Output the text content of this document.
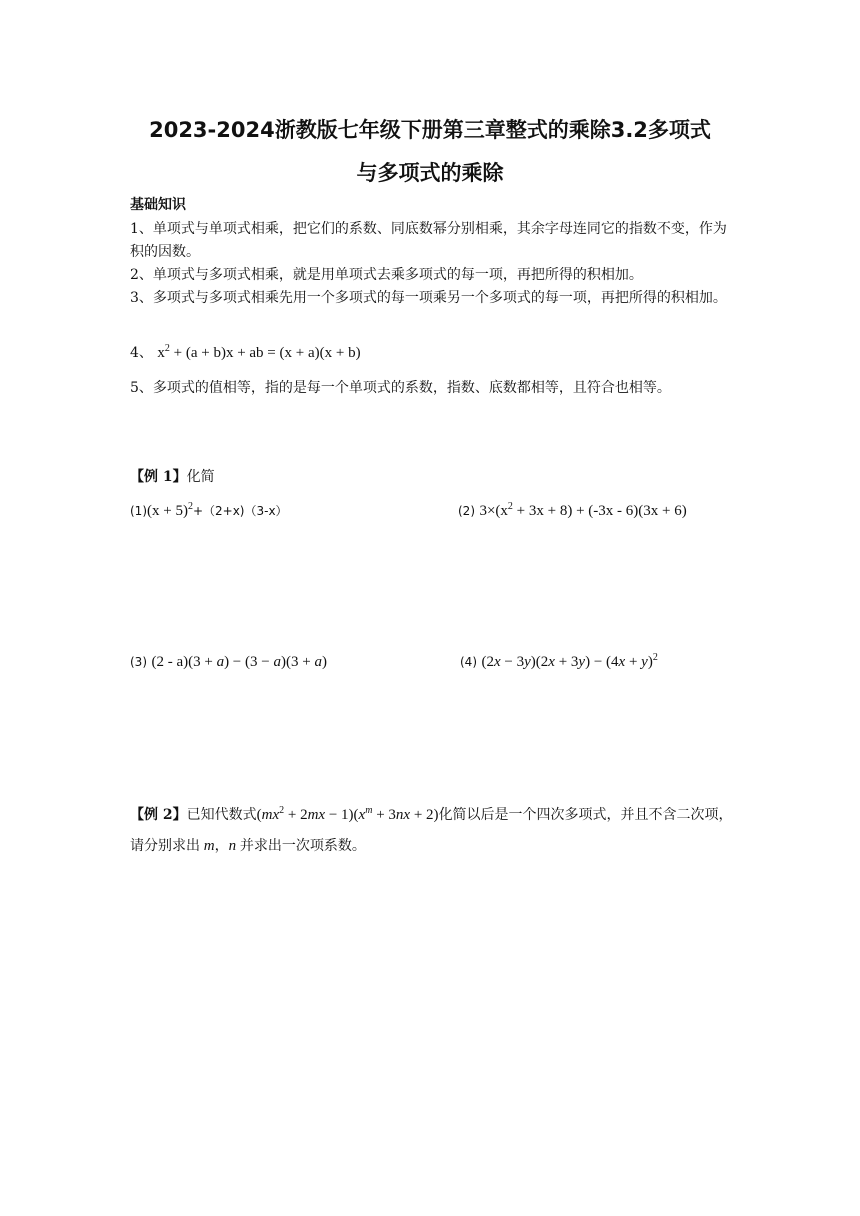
2023-2024浙教版七年级下册第三章整式的乘除3.2多项式
与多项式的乘除
基础知识
1、单项式与单项式相乘，把它们的系数、同底数幂分别相乘，其余字母连同它的指数不变，作为积的因数。
2、单项式与多项式相乘，就是用单项式去乘多项式的每一项，再把所得的积相加。
3、多项式与多项式相乘先用一个多项式的每一项乘另一个多项式的每一项，再把所得的积相加。
4、 $x^2 + (a + b)x$ + ab = (x + a)(x + b)
5、多项式的值相等，指的是每一个单项式的系数，指数、底数都相等，且符合也相等。
【例 1】化简
$(1)(x + 5)^2+(2+x)(3-x)$	(2) $3\times(x^2 + 3x + 8) + (-3x - 6)(3x + 6)$
(3) (2 - a)(3 + a) − (3 − a)(3 + a)	(4) $(2x - 3y)(2x + 3y) - (4x + y)^2$
【例 2】已知代数式$(mx^2 + 2mx - 1)(x^m + 3nx + 2)$化简以后是一个四次多项式，并且不含二次项，请分别求出 m，n 并求出一次项系数。
